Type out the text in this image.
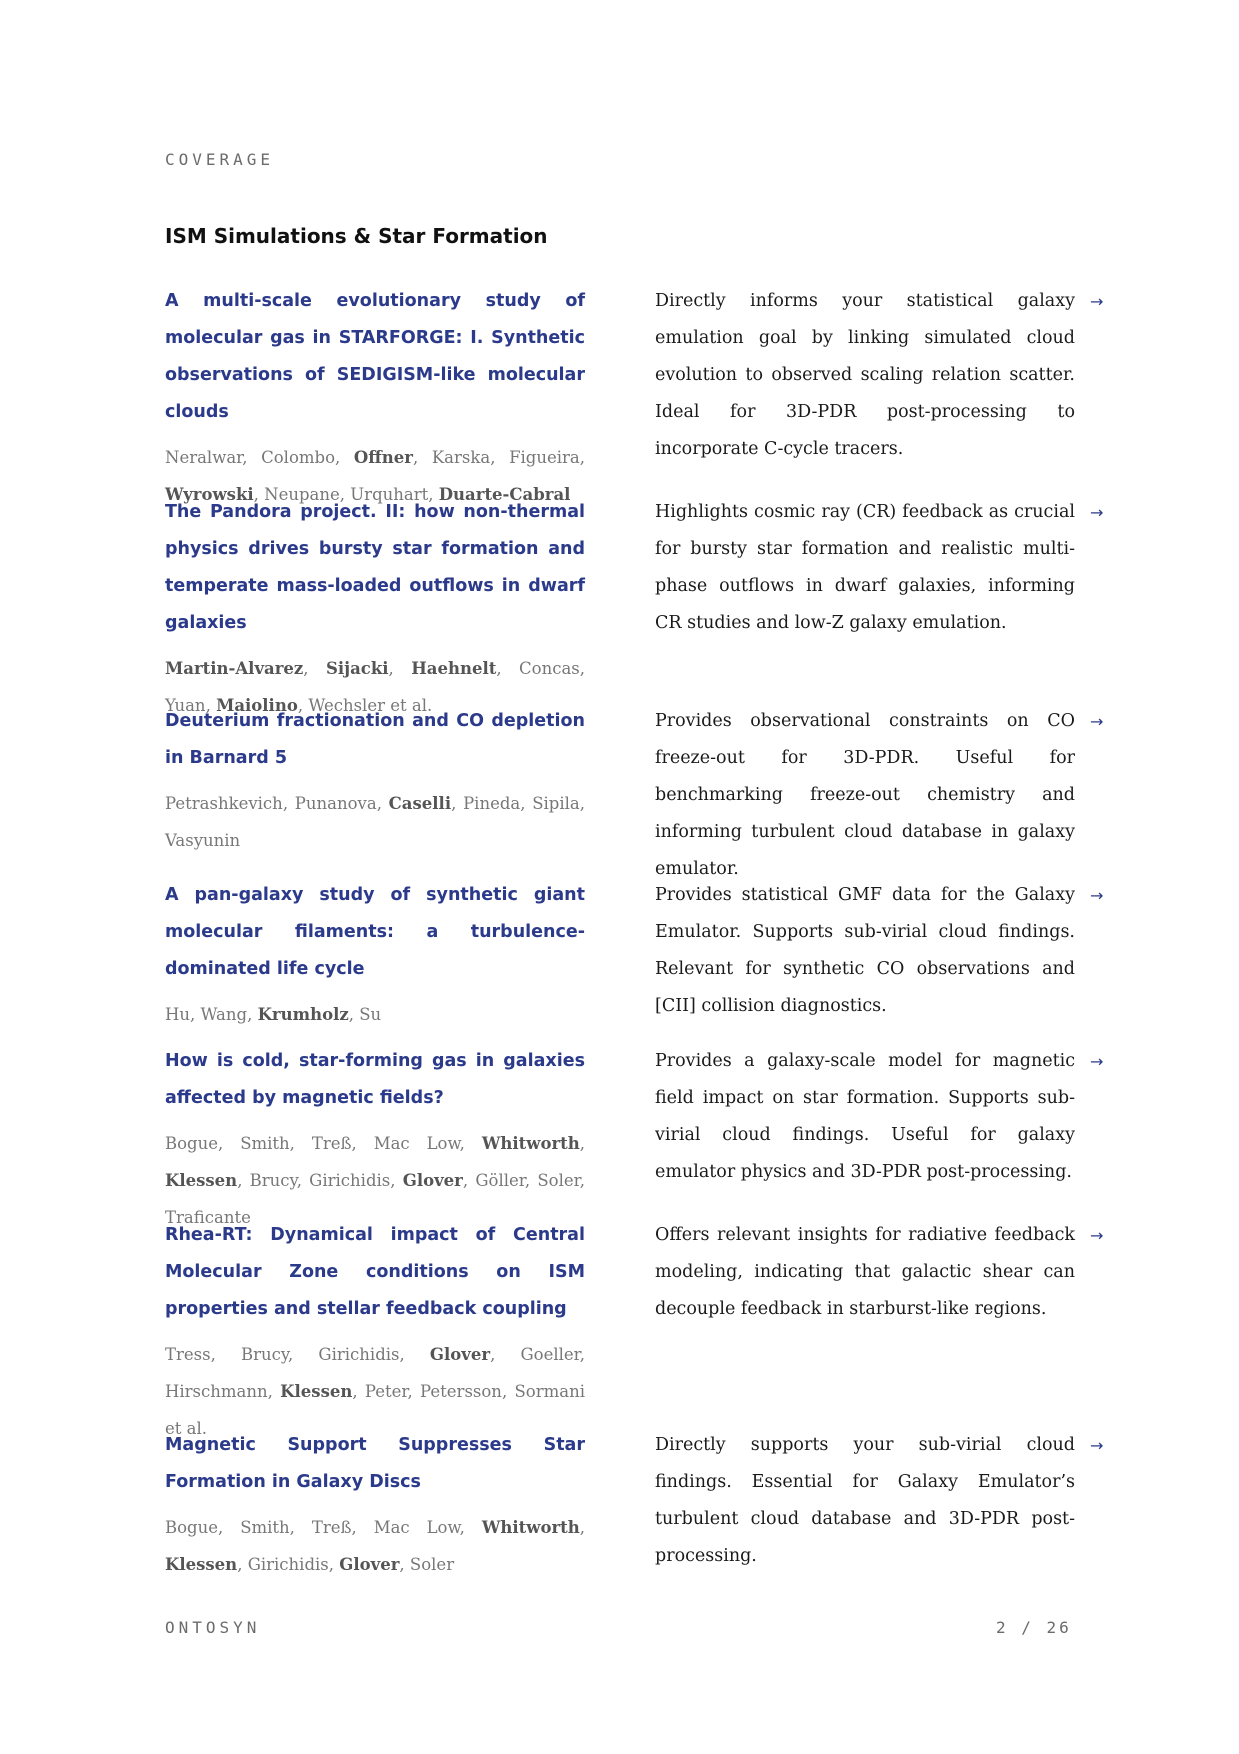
COVERAGE
ISM Simulations & Star Formation

A multi-scale evolutionary study of molecular gas in STARFORGE: I. Synthetic observations of SEDIGISM-like molecular clouds

Neralwar, Colombo, Offner, Karska, Figueira, Wyrowski, Neupane, Urquhart, Duarte-Cabral

Directly informs your statistical galaxy emulation goal by linking simulated cloud evolution to observed scaling relation scatter. Ideal for 3D-PDR post-processing to incorporate C-cycle tracers.

→

The Pandora project. II: how non-thermal physics drives bursty star formation and temperate mass-loaded outflows in dwarf galaxies

Martin-Alvarez, Sijacki, Haehnelt, Concas, Yuan, Maiolino, Wechsler et al.

Highlights cosmic ray (CR) feedback as crucial for bursty star formation and realistic multi-phase outflows in dwarf galaxies, informing CR studies and low-Z galaxy emulation.

→

Deuterium fractionation and CO depletion in Barnard 5

Petrashkevich, Punanova, Caselli, Pineda, Sipila, Vasyunin

Provides observational constraints on CO freeze-out for 3D-PDR. Useful for benchmarking freeze-out chemistry and informing turbulent cloud database in galaxy emulator.

→

A pan-galaxy study of synthetic giant molecular filaments: a turbulence-dominated life cycle

Hu, Wang, Krumholz, Su

Provides statistical GMF data for the Galaxy Emulator. Supports sub-virial cloud findings. Relevant for synthetic CO observations and [CII] collision diagnostics.

→

How is cold, star-forming gas in galaxies affected by magnetic fields?

Bogue, Smith, Treß, Mac Low, Whitworth, Klessen, Brucy, Girichidis, Glover, Göller, Soler, Traficante

Provides a galaxy-scale model for magnetic field impact on star formation. Supports sub-virial cloud findings. Useful for galaxy emulator physics and 3D-PDR post-processing.

→

Rhea-RT: Dynamical impact of Central Molecular Zone conditions on ISM properties and stellar feedback coupling

Tress, Brucy, Girichidis, Glover, Goeller, Hirschmann, Klessen, Peter, Petersson, Sormani et al.

Offers relevant insights for radiative feedback modeling, indicating that galactic shear can decouple feedback in starburst-like regions.

→

Magnetic Support Suppresses Star Formation in Galaxy Discs

Bogue, Smith, Treß, Mac Low, Whitworth, Klessen, Girichidis, Glover, Soler

Directly supports your sub-virial cloud findings. Essential for Galaxy Emulator’s turbulent cloud database and 3D-PDR post-processing.

→
ONTOSYN	2 / 26
